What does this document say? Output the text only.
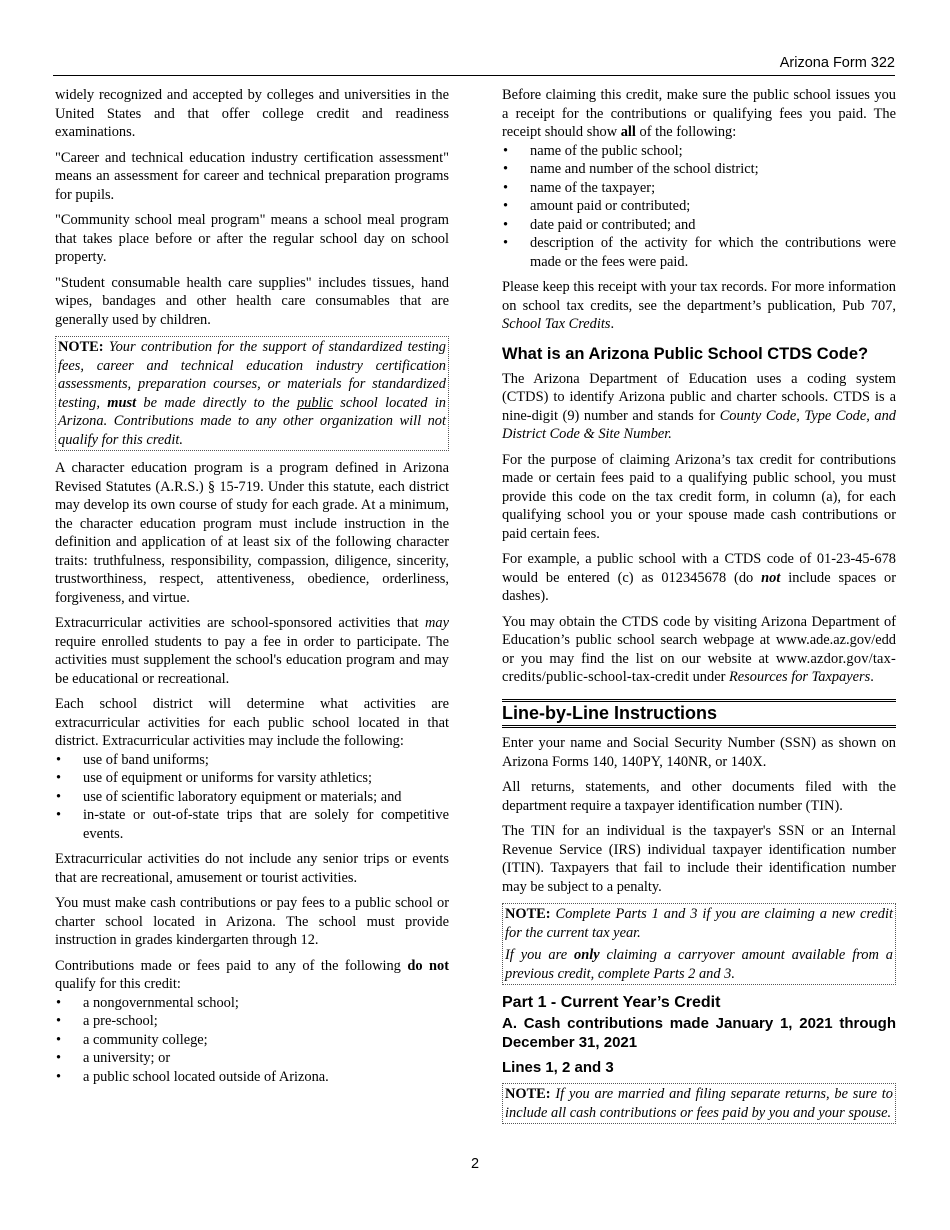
Arizona Form 322

widely recognized and accepted by colleges and universities in the United States and that offer college credit and readiness examinations.

"Career and technical education industry certification assessment" means an assessment for career and technical preparation programs for pupils.

"Community school meal program" means a school meal program that takes place before or after the regular school day on school property.

"Student consumable health care supplies" includes tissues, hand wipes, bandages and other health care consumables that are generally used by children.

NOTE: Your contribution for the support of standardized testing fees, career and technical education industry certification assessments, preparation courses, or materials for standardized testing, must be made directly to the public school located in Arizona. Contributions made to any other organization will not qualify for this credit.

A character education program is a program defined in Arizona Revised Statutes (A.R.S.) § 15-719. Under this statute, each district may develop its own course of study for each grade. At a minimum, the character education program must include instruction in the definition and application of at least six of the following character traits: truthfulness, responsibility, compassion, diligence, sincerity, trustworthiness, respect, attentiveness, obedience, orderliness, forgiveness, and virtue.

Extracurricular activities are school-sponsored activities that may require enrolled students to pay a fee in order to participate. The activities must supplement the school's education program and may be educational or recreational.

Each school district will determine what activities are extracurricular activities for each public school located in that district. Extracurricular activities may include the following:

• use of band uniforms;
• use of equipment or uniforms for varsity athletics;
• use of scientific laboratory equipment or materials; and
• in-state or out-of-state trips that are solely for competitive events.

Extracurricular activities do not include any senior trips or events that are recreational, amusement or tourist activities.

You must make cash contributions or pay fees to a public school or charter school located in Arizona. The school must provide instruction in grades kindergarten through 12.

Contributions made or fees paid to any of the following do not qualify for this credit:

• a nongovernmental school;
• a pre-school;
• a community college;
• a university; or
• a public school located outside of Arizona.

Before claiming this credit, make sure the public school issues you a receipt for the contributions or qualifying fees you paid. The receipt should show all of the following:

• name of the public school;
• name and number of the school district;
• name of the taxpayer;
• amount paid or contributed;
• date paid or contributed; and
• description of the activity for which the contributions were made or the fees were paid.

Please keep this receipt with your tax records. For more information on school tax credits, see the department’s publication, Pub 707, School Tax Credits.

What is an Arizona Public School CTDS Code?

The Arizona Department of Education uses a coding system (CTDS) to identify Arizona public and charter schools. CTDS is a nine-digit (9) number and stands for County Code, Type Code, and District Code & Site Number.

For the purpose of claiming Arizona’s tax credit for contributions made or certain fees paid to a qualifying public school, you must provide this code on the tax credit form, in column (a), for each qualifying school you or your spouse made cash contributions or paid certain fees.

For example, a public school with a CTDS code of 01-23-45-678 would be entered (c) as 012345678 (do not include spaces or dashes).

You may obtain the CTDS code by visiting Arizona Department of Education’s public school search webpage at www.ade.az.gov/edd or you may find the list on our website at www.azdor.gov/tax-credits/public-school-tax-credit under Resources for Taxpayers.

Line-by-Line Instructions

Enter your name and Social Security Number (SSN) as shown on Arizona Forms 140, 140PY, 140NR, or 140X.

All returns, statements, and other documents filed with the department require a taxpayer identification number (TIN).

The TIN for an individual is the taxpayer's SSN or an Internal Revenue Service (IRS) individual taxpayer identification number (ITIN). Taxpayers that fail to include their identification number may be subject to a penalty.

NOTE: Complete Parts 1 and 3 if you are claiming a new credit for the current tax year.

If you are only claiming a carryover amount available from a previous credit, complete Parts 2 and 3.

Part 1 - Current Year’s Credit
A. Cash contributions made January 1, 2021 through December 31, 2021
Lines 1, 2 and 3

NOTE: If you are married and filing separate returns, be sure to include all cash contributions or fees paid by you and your spouse.

2
